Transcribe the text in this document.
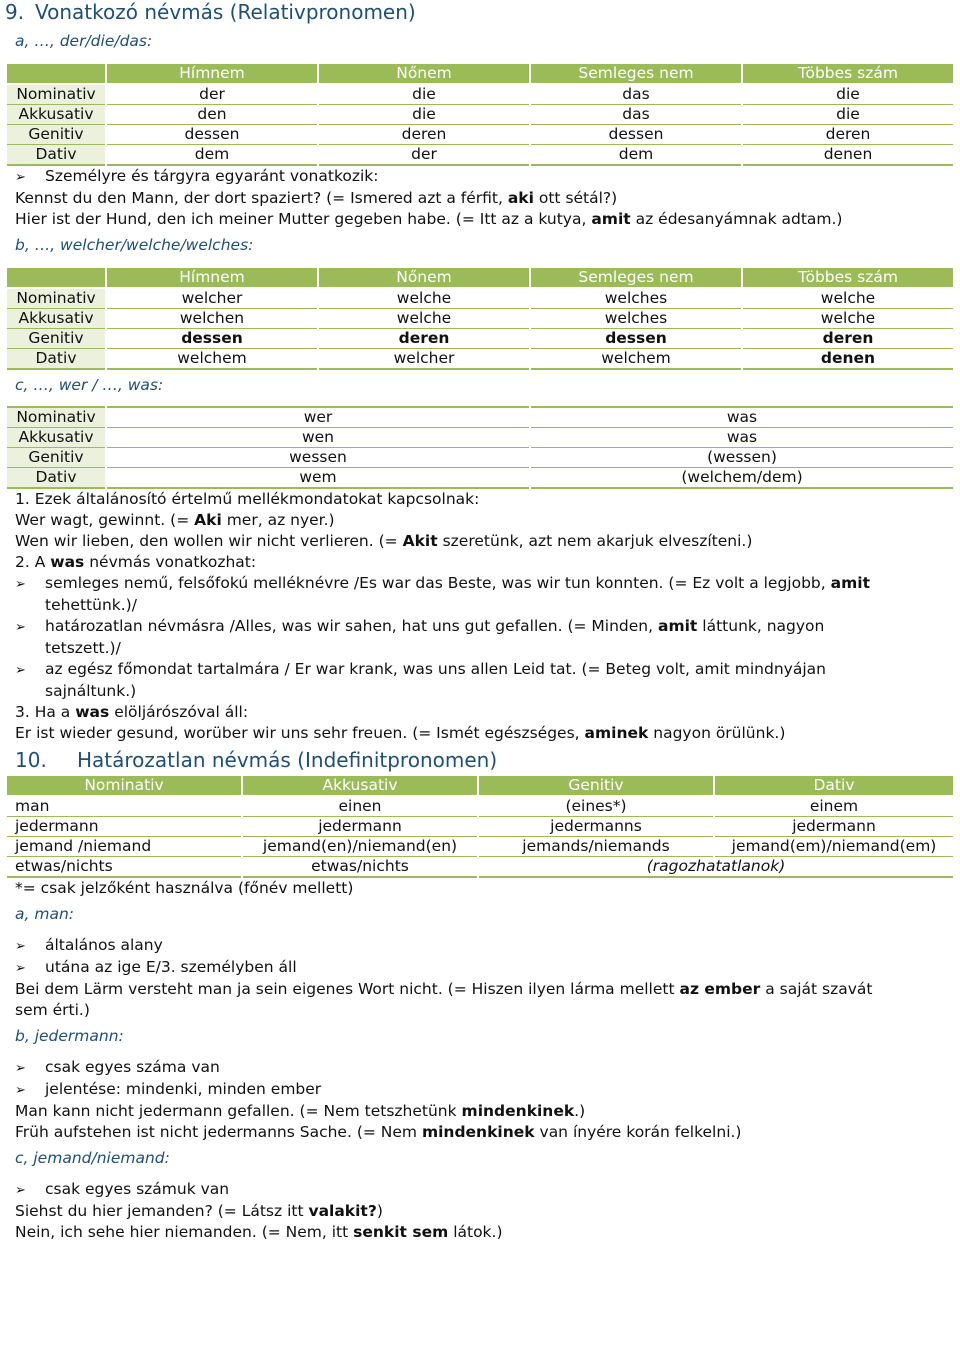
9. Vonatkozó névmás (Relativpronomen)
a, …, der/die/das:
	Hímnem	Nőnem	Semleges nem	Többes szám
Nominativ	der	die	das	die
Akkusativ	den	die	das	die
Genitiv	dessen	deren	dessen	deren
Dativ	dem	der	dem	denen
➢ Személyre és tárgyra egyaránt vonatkozik:
Kennst du den Mann, der dort spaziert? (= Ismered azt a férfit, aki ott sétál?)
Hier ist der Hund, den ich meiner Mutter gegeben habe. (= Itt az a kutya, amit az édesanyámnak adtam.)
b, …, welcher/welche/welches:
	Hímnem	Nőnem	Semleges nem	Többes szám
Nominativ	welcher	welche	welches	welche
Akkusativ	welchen	welche	welches	welche
Genitiv	dessen	deren	dessen	deren
Dativ	welchem	welcher	welchem	denen
c, …, wer / …, was:
Nominativ	wer	was
Akkusativ	wen	was
Genitiv	wessen	(wessen)
Dativ	wem	(welchem/dem)
1. Ezek általánosító értelmű mellékmondatokat kapcsolnak:
Wer wagt, gewinnt. (= Aki mer, az nyer.)
Wen wir lieben, den wollen wir nicht verlieren. (= Akit szeretünk, azt nem akarjuk elveszíteni.)
2. A was névmás vonatkozhat:
➢ semleges nemű, felsőfokú melléknévre /Es war das Beste, was wir tun konnten. (= Ez volt a legjobb, amit
tehettünk.)/
➢ határozatlan névmásra /Alles, was wir sahen, hat uns gut gefallen. (= Minden, amit láttunk, nagyon
tetszett.)/
➢ az egész főmondat tartalmára / Er war krank, was uns allen Leid tat. (= Beteg volt, amit mindnyájan
sajnáltunk.)
3. Ha a was elöljárószóval áll:
Er ist wieder gesund, worüber wir uns sehr freuen. (= Ismét egészséges, aminek nagyon örülünk.)
10. Határozatlan névmás (Indefinitpronomen)
Nominativ	Akkusativ	Genitiv	Dativ
man	einen	(eines*)	einem
jedermann	jedermann	jedermanns	jedermann
jemand /niemand	jemand(en)/niemand(en)	jemands/niemands	jemand(em)/niemand(em)
etwas/nichts	etwas/nichts	(ragozhatatlanok)	
*= csak jelzőként használva (főnév mellett)
a, man:
➢ általános alany
➢ utána az ige E/3. személyben áll
Bei dem Lärm versteht man ja sein eigenes Wort nicht. (= Hiszen ilyen lárma mellett az ember a saját szavát
sem érti.)
b, jedermann:
➢ csak egyes száma van
➢ jelentése: mindenki, minden ember
Man kann nicht jedermann gefallen. (= Nem tetszhetünk mindenkinek.)
Früh aufstehen ist nicht jedermanns Sache. (= Nem mindenkinek van ínyére korán felkelni.)
c, jemand/niemand:
➢ csak egyes számuk van
Siehst du hier jemanden? (= Látsz itt valakit?)
Nein, ich sehe hier niemanden. (= Nem, itt senkit sem látok.)
